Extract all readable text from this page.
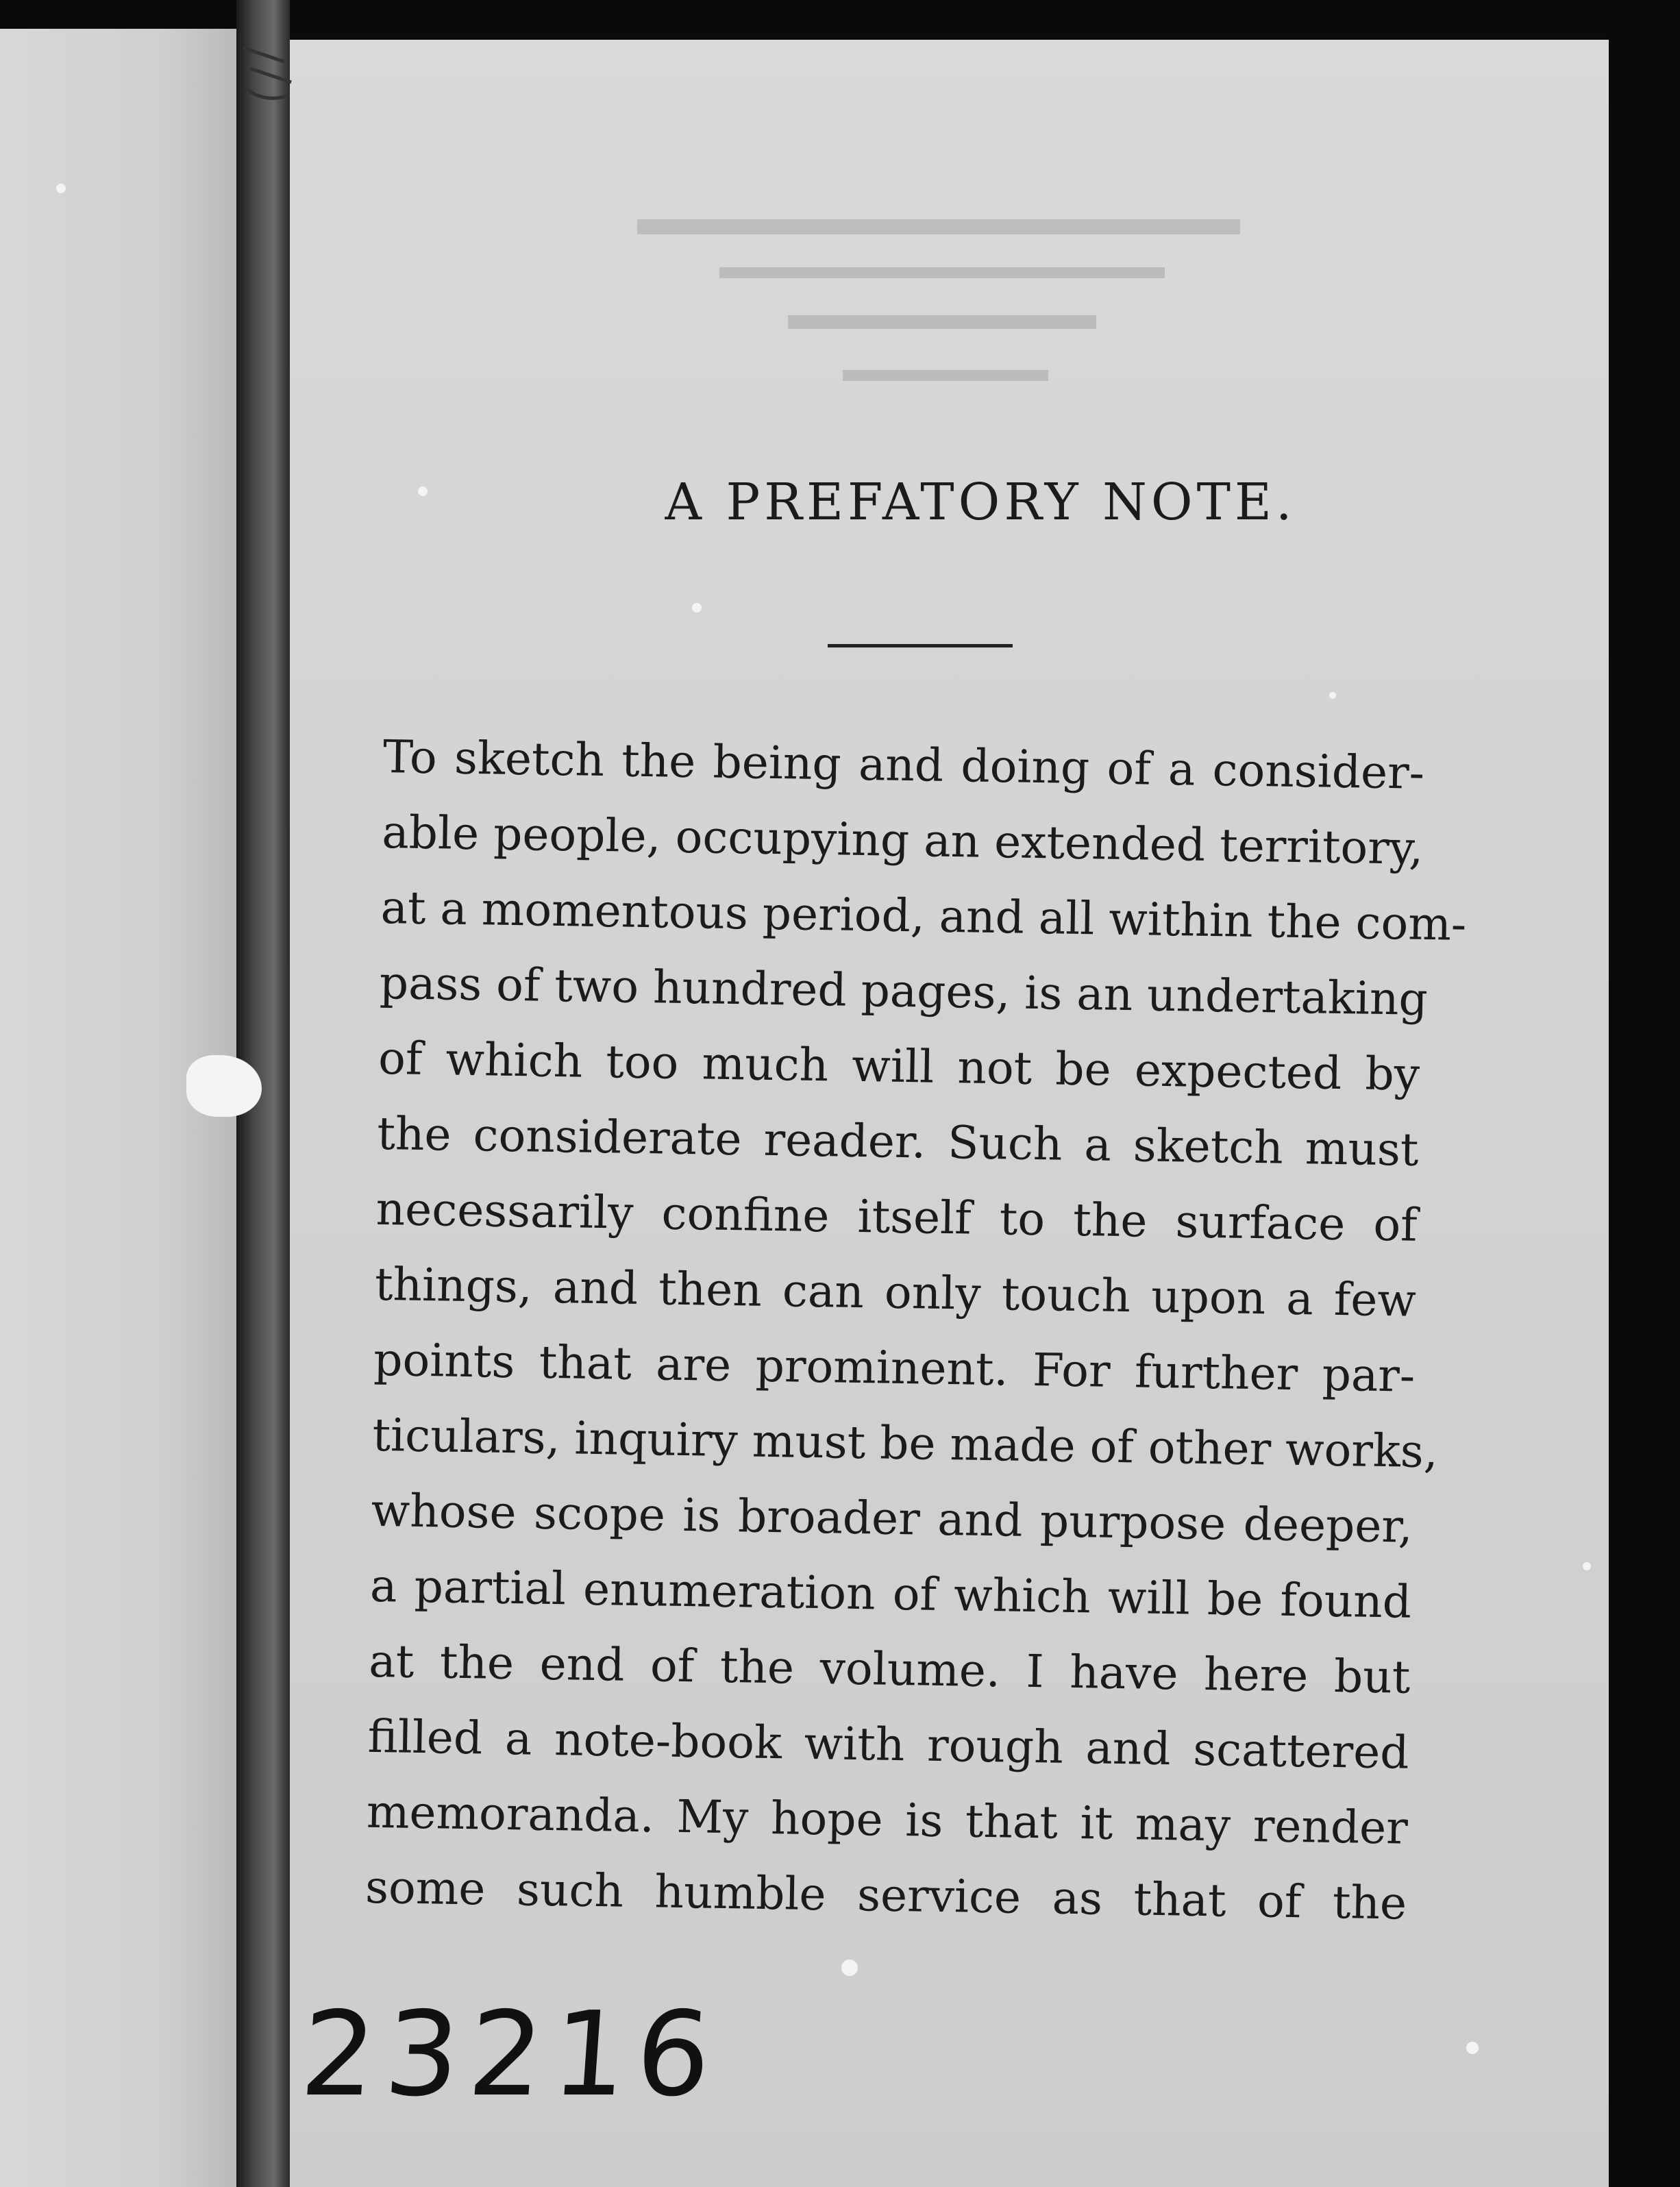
A PREFATORY NOTE.
To sketch the being and doing of a consider-
able people, occupying an extended territory,
at a momentous period, and all within the com-
pass of two hundred pages, is an undertaking
of which too much will not be expected by
the considerate reader. Such a sketch must
necessarily confine itself to the surface of
things, and then can only touch upon a few
points that are prominent. For further par-
ticulars, inquiry must be made of other works,
whose scope is broader and purpose deeper,
a partial enumeration of which will be found
at the end of the volume. I have here but
filled a note-book with rough and scattered
memoranda. My hope is that it may render
some such humble service as that of the
23216
